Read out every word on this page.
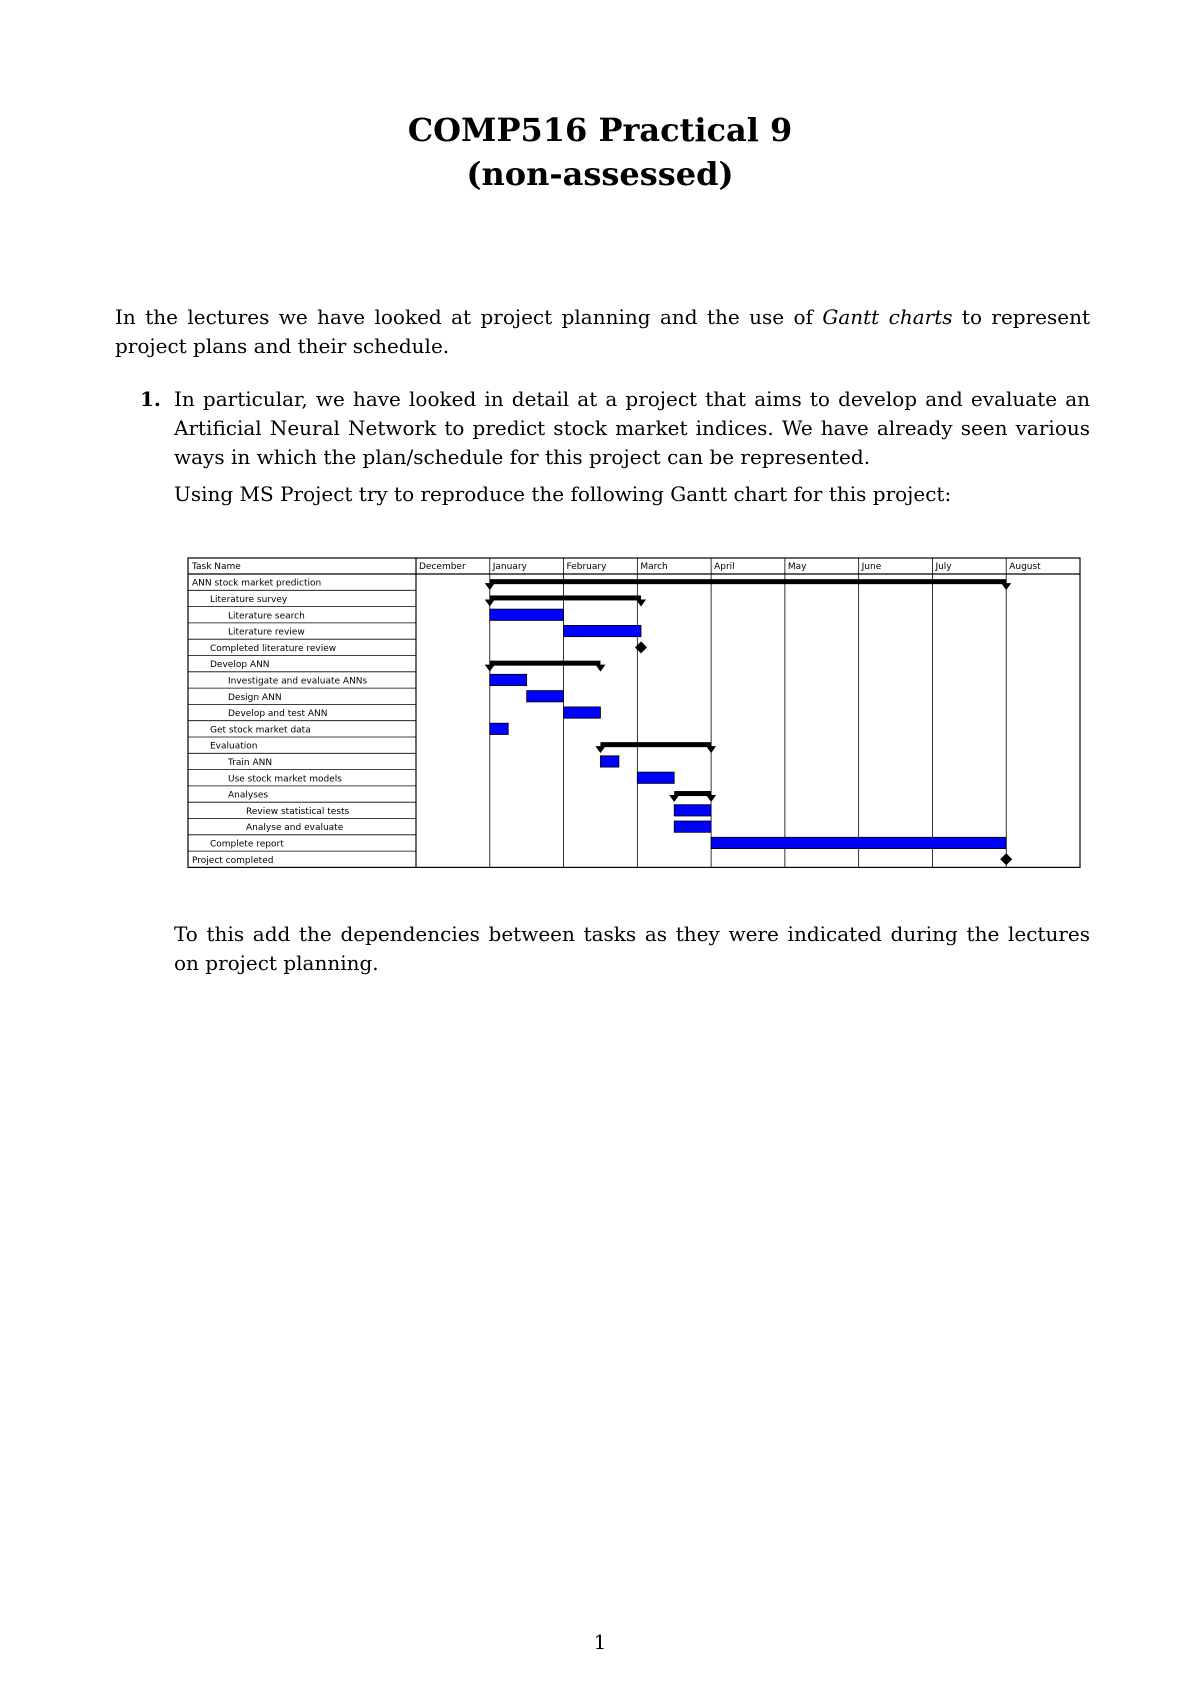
COMP516 Practical 9
(non-assessed)
In the lectures we have looked at project planning and the use of Gantt charts to represent project plans and their schedule.
1. In particular, we have looked in detail at a project that aims to develop and evaluate an Artificial Neural Network to predict stock market indices. We have already seen various ways in which the plan/schedule for this project can be represented.
Using MS Project try to reproduce the following Gantt chart for this project:
Task Name	December	January	February	March	April	May	June	July	August
ANN stock market prediction
Literature survey
Literature search
Literature review
Completed literature review
Develop ANN
Investigate and evaluate ANNs
Design ANN
Develop and test ANN
Get stock market data
Evaluation
Train ANN
Use stock market models
Analyses
Review statistical tests
Analyse and evaluate
Complete report
Project completed
To this add the dependencies between tasks as they were indicated during the lectures on project planning.
1
